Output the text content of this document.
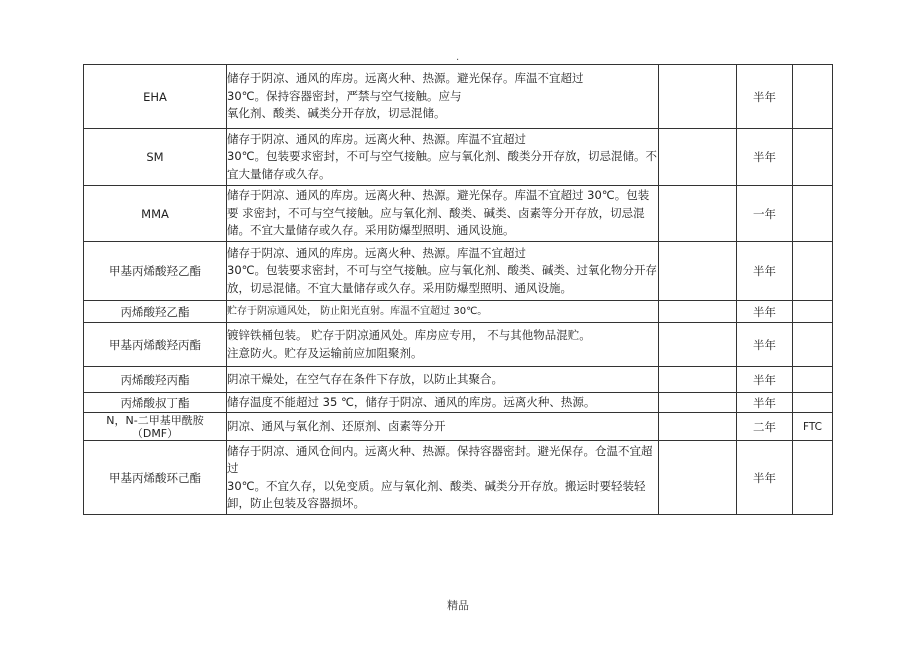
.
EHA	储存于阴凉、通风的库房。远离火种、热源。避光保存。库温不宜超过
30℃。保持容器密封，严禁与空气接触。应与
氧化剂、酸类、碱类分开存放，切忌混储。		半年	
SM	储存于阴凉、通风的库房。远离火种、热源。库温不宜超过
30℃。包装要求密封，不可与空气接触。应与氧化剂、酸类分开存放，切忌混储。不宜大量储存或久存。		半年	
MMA	储存于阴凉、通风的库房。远离火种、热源。避光保存。库温不宜超过 30℃。包装要 求密封，不可与空气接触。应与氧化剂、酸类、碱类、卤素等分开存放，切忌混储。不宜大量储存或久存。采用防爆型照明、通风设施。		一年	
甲基丙烯酸羟乙酯	储存于阴凉、通风的库房。远离火种、热源。库温不宜超过
30℃。包装要求密封，不可与空气接触。应与氧化剂、酸类、碱类、过氧化物分开存放，切忌混储。不宜大量储存或久存。采用防爆型照明、通风设施。		半年	
丙烯酸羟乙酯	贮存于阴凉通风处， 防止阳光直射。库温不宜超过 30℃。		半年	
甲基丙烯酸羟丙酯	镀锌铁桶包装。 贮存于阴凉通风处。库房应专用， 不与其他物品混贮。
注意防火。贮存及运输前应加阻聚剂。		半年	
丙烯酸羟丙酯	阴凉干燥处，在空气存在条件下存放，以防止其聚合。		半年	
丙烯酸叔丁酯	储存温度不能超过 35 ℃，储存于阴凉、通风的库房。远离火种、热源。		半年	
N，N-二甲基甲酰胺
（DMF）	阴凉、通风与氧化剂、还原剂、卤素等分开		二年	FTC
甲基丙烯酸环己酯	储存于阴凉、通风仓间内。远离火种、热源。保持容器密封。避光保存。仓温不宜超过
30℃。不宜久存，以免变质。应与氧化剂、酸类、碱类分开存放。搬运时要轻装轻卸，防止包装及容器损坏。		半年	
精品
